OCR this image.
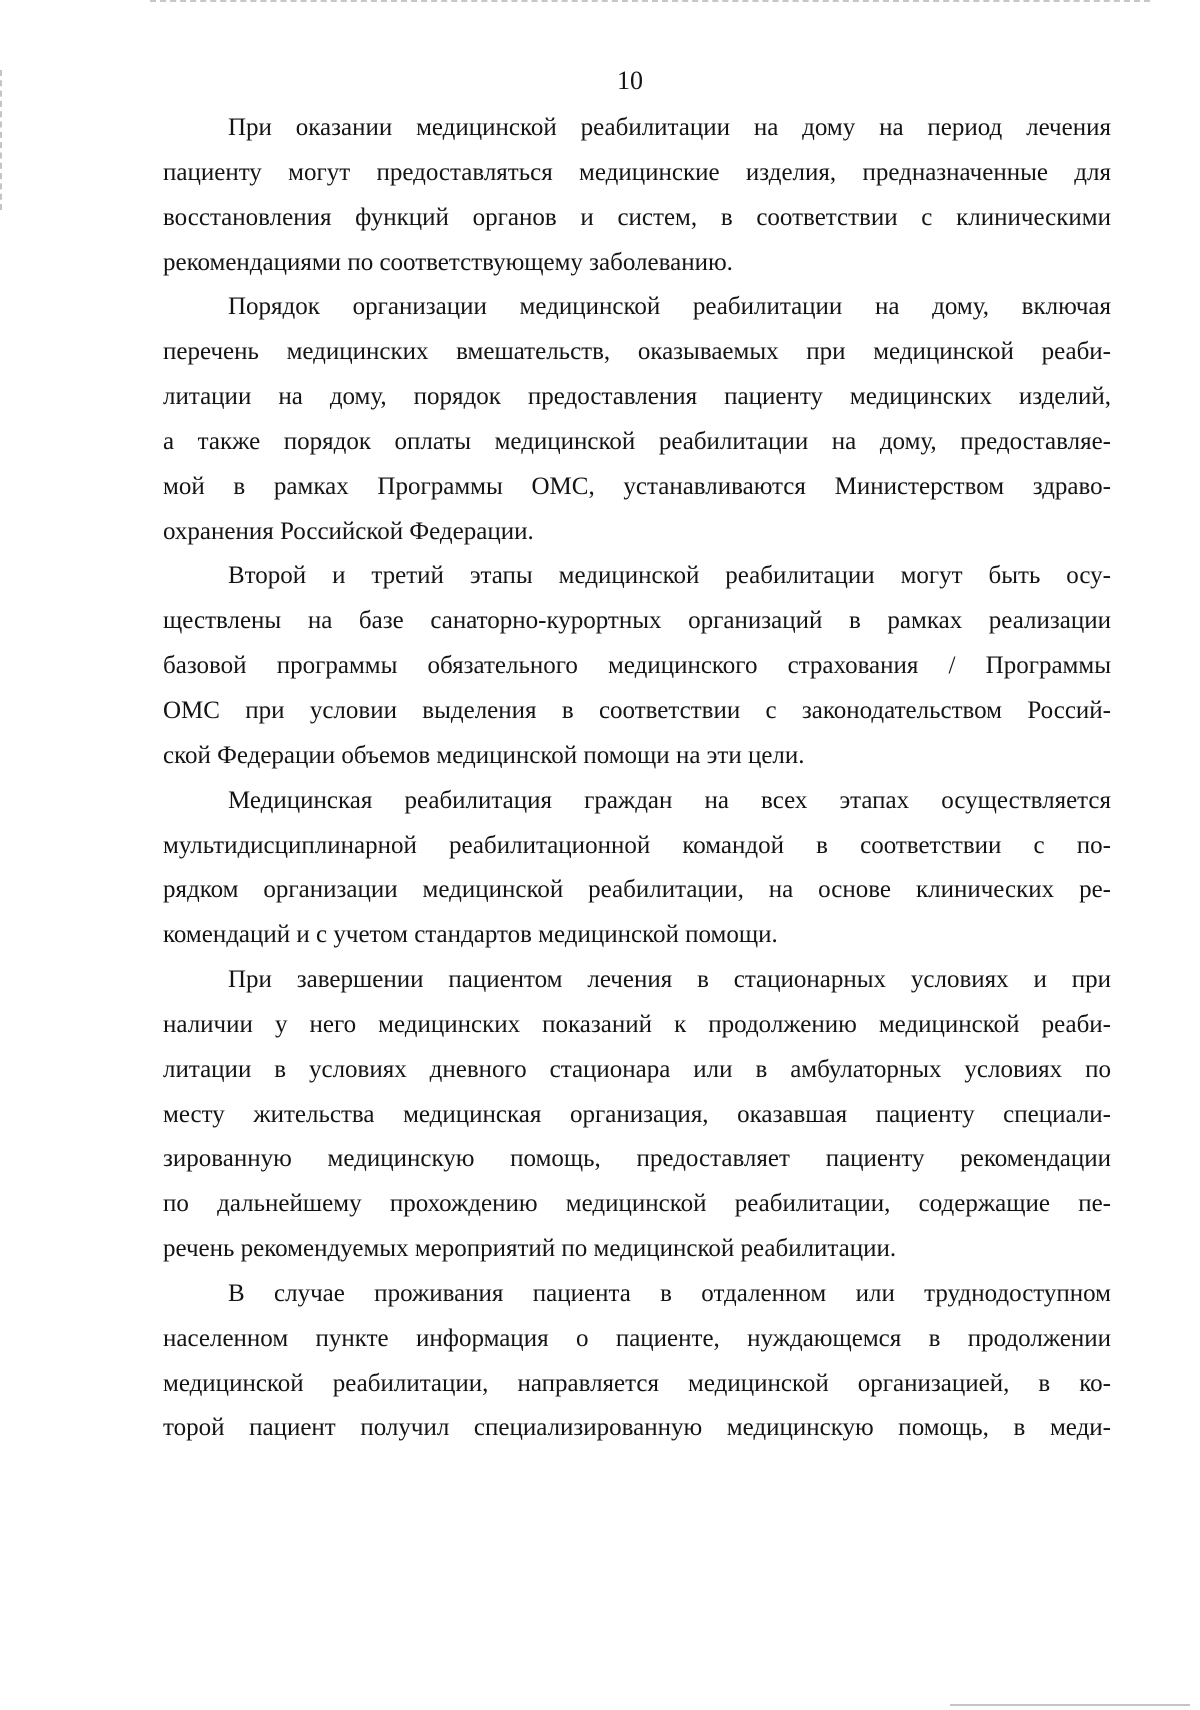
10

При оказании медицинской реабилитации на дому на период лечения
пациенту могут предоставляться медицинские изделия, предназначенные для
восстановления функций органов и систем, в соответствии с клиническими
рекомендациями по соответствующему заболеванию.

Порядок организации медицинской реабилитации на дому, включая
перечень медицинских вмешательств, оказываемых при медицинской реаби-
литации на дому, порядок предоставления пациенту медицинских изделий,
а также порядок оплаты медицинской реабилитации на дому, предоставляе-
мой в рамках Программы ОМС, устанавливаются Министерством здраво-
охранения Российской Федерации.

Второй и третий этапы медицинской реабилитации могут быть осу-
ществлены на базе санаторно-курортных организаций в рамках реализации
базовой программы обязательного медицинского страхования / Программы
ОМС при условии выделения в соответствии с законодательством Россий-
ской Федерации объемов медицинской помощи на эти цели.

Медицинская реабилитация граждан на всех этапах осуществляется
мультидисциплинарной реабилитационной командой в соответствии с по-
рядком организации медицинской реабилитации, на основе клинических ре-
комендаций и с учетом стандартов медицинской помощи.

При завершении пациентом лечения в стационарных условиях и при
наличии у него медицинских показаний к продолжению медицинской реаби-
литации в условиях дневного стационара или в амбулаторных условиях по
месту жительства медицинская организация, оказавшая пациенту специали-
зированную медицинскую помощь, предоставляет пациенту рекомендации
по дальнейшему прохождению медицинской реабилитации, содержащие пе-
речень рекомендуемых мероприятий по медицинской реабилитации.

В случае проживания пациента в отдаленном или труднодоступном
населенном пункте информация о пациенте, нуждающемся в продолжении
медицинской реабилитации, направляется медицинской организацией, в ко-
торой пациент получил специализированную медицинскую помощь, в меди-
